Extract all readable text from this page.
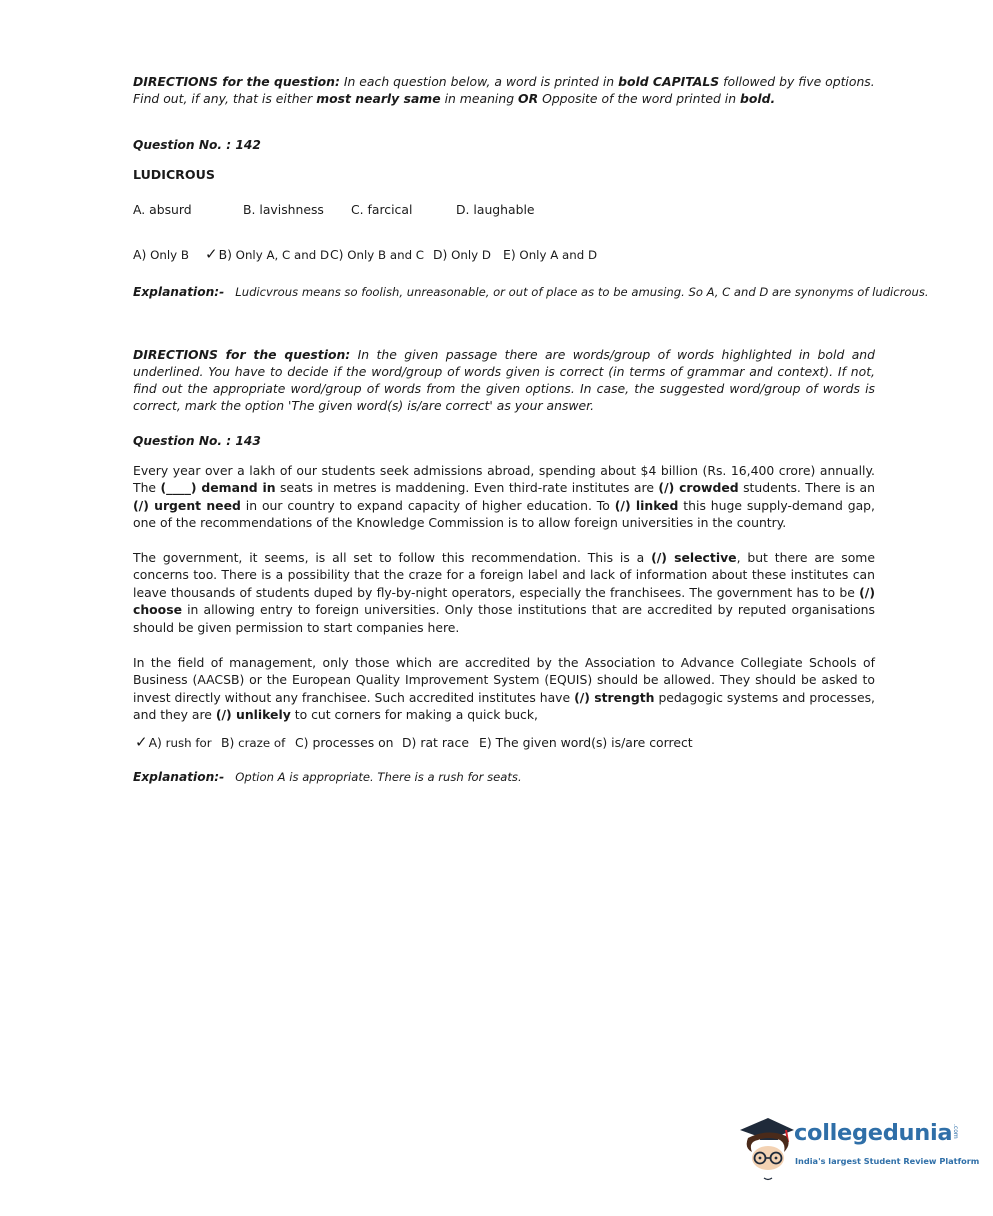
DIRECTIONS for the question: In each question below, a word is printed in bold CAPITALS followed by five options. Find out, if any, that is either most nearly same in meaning OR Opposite of the word printed in bold.
Question No. : 142
LUDICROUS
A. absurd	B. lavishness C. farcical	D. laughable
A) Only B ✓B) Only A, C and D C) Only B and C D) Only D E) Only A and D
Explanation:- Ludicvrous means so foolish, unreasonable, or out of place as to be amusing. So A, C and D are synonyms of ludicrous.
DIRECTIONS for the question: In the given passage there are words/group of words highlighted in bold and underlined. You have to decide if the word/group of words given is correct (in terms of grammar and context). If not, find out the appropriate word/group of words from the given options. In case, the suggested word/group of words is correct, mark the option 'The given word(s) is/are correct' as your answer.
Question No. : 143
Every year over a lakh of our students seek admissions abroad, spending about $4 billion (Rs. 16,400 crore) annually. The (____) demand in seats in metres is maddening. Even third-rate institutes are (/) crowded students. There is an (/) urgent need in our country to expand capacity of higher education. To (/) linked this huge supply-demand gap, one of the recommendations of the Knowledge Commission is to allow foreign universities in the country.
The government, it seems, is all set to follow this recommendation. This is a (/) selective, but there are some concerns too. There is a possibility that the craze for a foreign label and lack of information about these institutes can leave thousands of students duped by fly-by-night operators, especially the franchisees. The government has to be (/) choose in allowing entry to foreign universities. Only those institutions that are accredited by reputed organisations should be given permission to start companies here.
In the field of management, only those which are accredited by the Association to Advance Collegiate Schools of Business (AACSB) or the European Quality Improvement System (EQUIS) should be allowed. They should be asked to invest directly without any franchisee. Such accredited institutes have (/) strength pedagogic systems and processes, and they are (/) unlikely to cut corners for making a quick buck,
✓A) rush for B) craze of C) processes on D) rat race E) The given word(s) is/are correct
Explanation:- Option A is appropriate. There is a rush for seats.
collegedunia .com
India's largest Student Review Platform
